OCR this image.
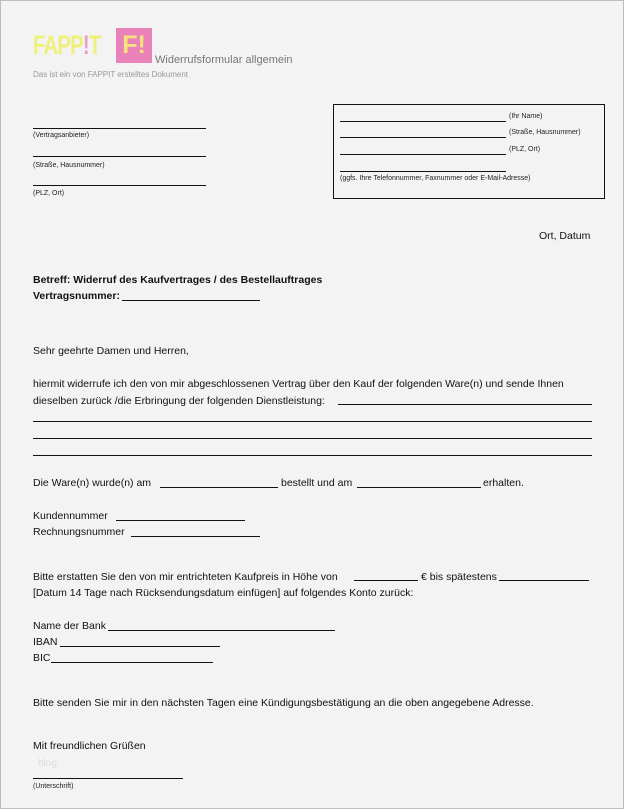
FAPP!T F!
Widerrufsformular allgemein
Das ist ein von FAPPIT erstelltes Dokument
(Vertragsanbieter)
(Straße, Hausnummer)
(PLZ, Ort)
(Ihr Name)
(Straße, Hausnummer)
(PLZ, Ort)
(ggfs. Ihre Telefonnummer, Faxnummer oder E-Mail-Adresse)
Ort, Datum
Betreff: Widerruf des Kaufvertrages / des Bestellauftrages
Vertragsnummer:
Sehr geehrte Damen und Herren,
hiermit widerrufe ich den von mir abgeschlossenen Vertrag über den Kauf der folgenden Ware(n) und sende Ihnen
dieselben zurück /die Erbringung der folgenden Dienstleistung:
Die Ware(n) wurde(n) am	bestellt und am	erhalten.
Kundennummer
Rechnungsnummer
Bitte erstatten Sie den von mir entrichteten Kaufpreis in Höhe von	€ bis spätestens
[Datum 14 Tage nach Rücksendungsdatum einfügen] auf folgendes Konto zurück:
Name der Bank
IBAN
BIC
Bitte senden Sie mir in den nächsten Tagen eine Kündigungsbestätigung an die oben angegebene Adresse.
Mit freundlichen Grüßen
blog
(Unterschrift)
